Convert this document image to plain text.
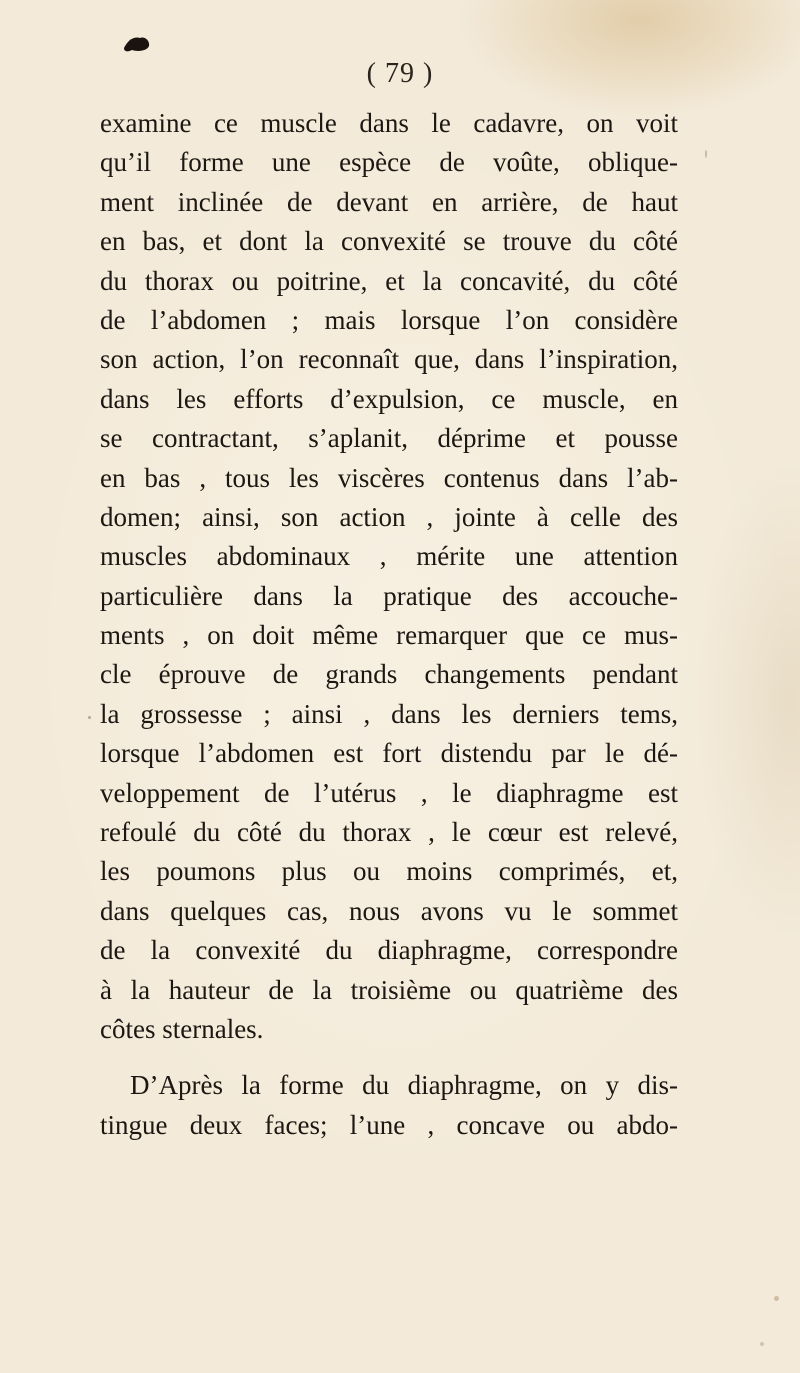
( 79 )
examine ce muscle dans le cadavre, on voit
qu’il forme une espèce de voûte, oblique-
ment inclinée de devant en arrière, de haut
en bas, et dont la convexité se trouve du côté
du thorax ou poitrine, et la concavité, du côté
de l’abdomen ; mais lorsque l’on considère
son action, l’on reconnaît que, dans l’inspiration,
dans les efforts d’expulsion, ce muscle, en
se contractant, s’aplanit, déprime et pousse
en bas , tous les viscères contenus dans l’ab-
domen; ainsi, son action , jointe à celle des
muscles abdominaux , mérite une attention
particulière dans la pratique des accouche-
ments , on doit même remarquer que ce mus-
cle éprouve de grands changements pendant
la grossesse ; ainsi , dans les derniers tems,
lorsque l’abdomen est fort distendu par le dé-
veloppement de l’utérus , le diaphragme est
refoulé du côté du thorax , le cœur est relevé,
les poumons plus ou moins comprimés, et,
dans quelques cas, nous avons vu le sommet
de la convexité du diaphragme, correspondre
à la hauteur de la troisième ou quatrième des
côtes sternales.
D’Après la forme du diaphragme, on y dis-
tingue deux faces; l’une , concave ou abdo-
